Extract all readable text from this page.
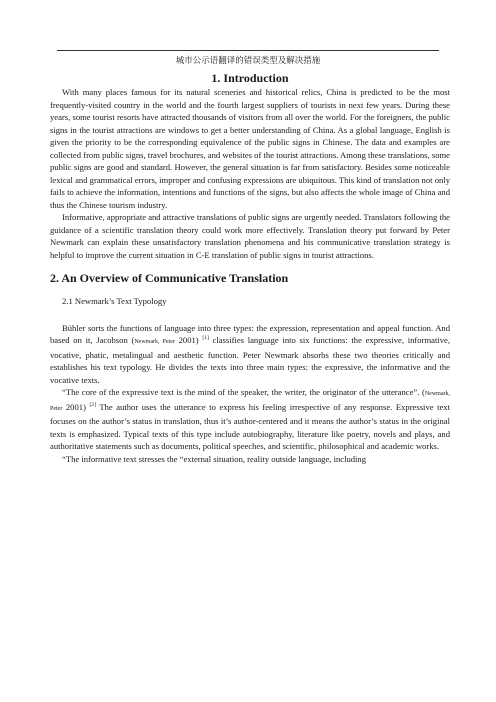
城市公示语翻译的错误类型及解决措施

1. Introduction

With many places famous for its natural sceneries and historical relics, China is predicted to be the most frequently-visited country in the world and the fourth largest suppliers of tourists in next few years. During these years, some tourist resorts have attracted thousands of visitors from all over the world. For the foreigners, the public signs in the tourist attractions are windows to get a better understanding of China. As a global language, English is given the priority to be the corresponding equivalence of the public signs in Chinese. The data and examples are collected from public signs, travel brochures, and websites of the tourist attractions. Among these translations, some public signs are good and standard. However, the general situation is far from satisfactory. Besides some noticeable lexical and grammatical errors, improper and confusing expressions are ubiquitous. This kind of translation not only fails to achieve the information, intentions and functions of the signs, but also affects the whole image of China and thus the Chinese tourism industry.

Informative, appropriate and attractive translations of public signs are urgently needed. Translators following the guidance of a scientific translation theory could work more effectively. Translation theory put forward by Peter Newmark can explain these unsatisfactory translation phenomena and his communicative translation strategy is helpful to improve the current situation in C-E translation of public signs in tourist attractions.

2. An Overview of Communicative Translation

2.1 Newmark’s Text Typology

Bühler sorts the functions of language into three types: the expression, representation and appeal function. And based on it, Jacobson (Newmark, Peter 2001) [1] classifies language into six functions: the expressive, informative, vocative, phatic, metalingual and aesthetic function. Peter Newmark absorbs these two theories critically and establishes his text typology. He divides the texts into three main types: the expressive, the informative and the vocative texts.

“The core of the expressive text is the mind of the speaker, the writer, the originator of the utterance”. (Newmark, Peter 2001) [2] The author uses the utterance to express his feeling irrespective of any response. Expressive text focuses on the author’s status in translation, thus it’s author-centered and it means the author’s status in the original texts is emphasized. Typical texts of this type include autobiography, literature like poetry, novels and plays, and authoritative statements such as documents, political speeches, and scientific, philosophical and academic works.

“The informative text stresses the “external situation, reality outside language, including
